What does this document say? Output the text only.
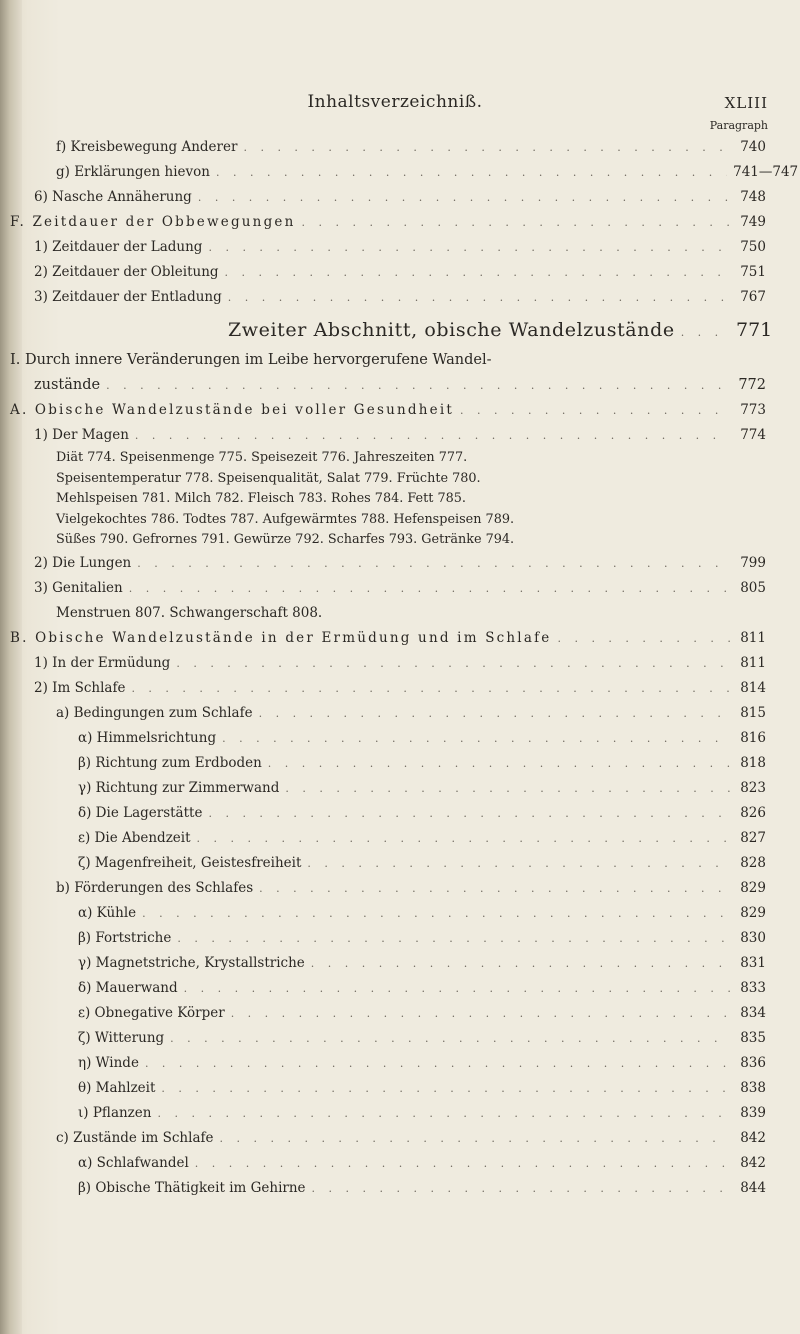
Inhaltsverzeichniß.	XLIII
Paragraph
f) Kreisbewegung Anderer . . .	740
g) Erklärungen hievon . . .	741—747
6) Nasche Annäherung . . .	748
F. Zeitdauer der Obbewegungen . . .	749
1) Zeitdauer der Ladung . . .	750
2) Zeitdauer der Obleitung . . .	751
3) Zeitdauer der Entladung . . .	767
Zweiter Abschnitt, obische Wandelzustände . . .	771
I. Durch innere Veränderungen im Leibe hervorgerufene Wandel-
zustände . . .	772
A. Obische Wandelzustände bei voller Gesundheit . . .	773
1) Der Magen . . .	774
Diät 774. Speisenmenge 775. Speisezeit 776. Jahreszeiten 777.
Speisentemperatur 778. Speisenqualität, Salat 779. Früchte 780.
Mehlspeisen 781. Milch 782. Fleisch 783. Rohes 784. Fett 785.
Vielgekochtes 786. Todtes 787. Aufgewärmtes 788. Hefenspeisen 789.
Süßes 790. Gefrornes 791. Gewürze 792. Scharfes 793. Getränke 794.
2) Die Lungen . . .	799
3) Genitalien . . .	805
Menstruen 807. Schwangerschaft 808.
B. Obische Wandelzustände in der Ermüdung und im Schlafe . . .	811
1) In der Ermüdung . . .	811
2) Im Schlafe . . .	814
a) Bedingungen zum Schlafe . . .	815
α) Himmelsrichtung . . .	816
β) Richtung zum Erdboden . . .	818
γ) Richtung zur Zimmerwand . . .	823
δ) Die Lagerstätte . . .	826
ε) Die Abendzeit . . .	827
ζ) Magenfreiheit, Geistesfreiheit . . .	828
b) Förderungen des Schlafes . . .	829
α) Kühle . . .	829
β) Fortstriche . . .	830
γ) Magnetstriche, Krystallstriche . . .	831
δ) Mauerwand . . .	833
ε) Obnegative Körper . . .	834
ζ) Witterung . . .	835
η) Winde . . .	836
θ) Mahlzeit . . .	838
ι) Pflanzen . . .	839
c) Zustände im Schlafe . . .	842
α) Schlafwandel . . .	842
β) Obische Thätigkeit im Gehirne . . .	844
